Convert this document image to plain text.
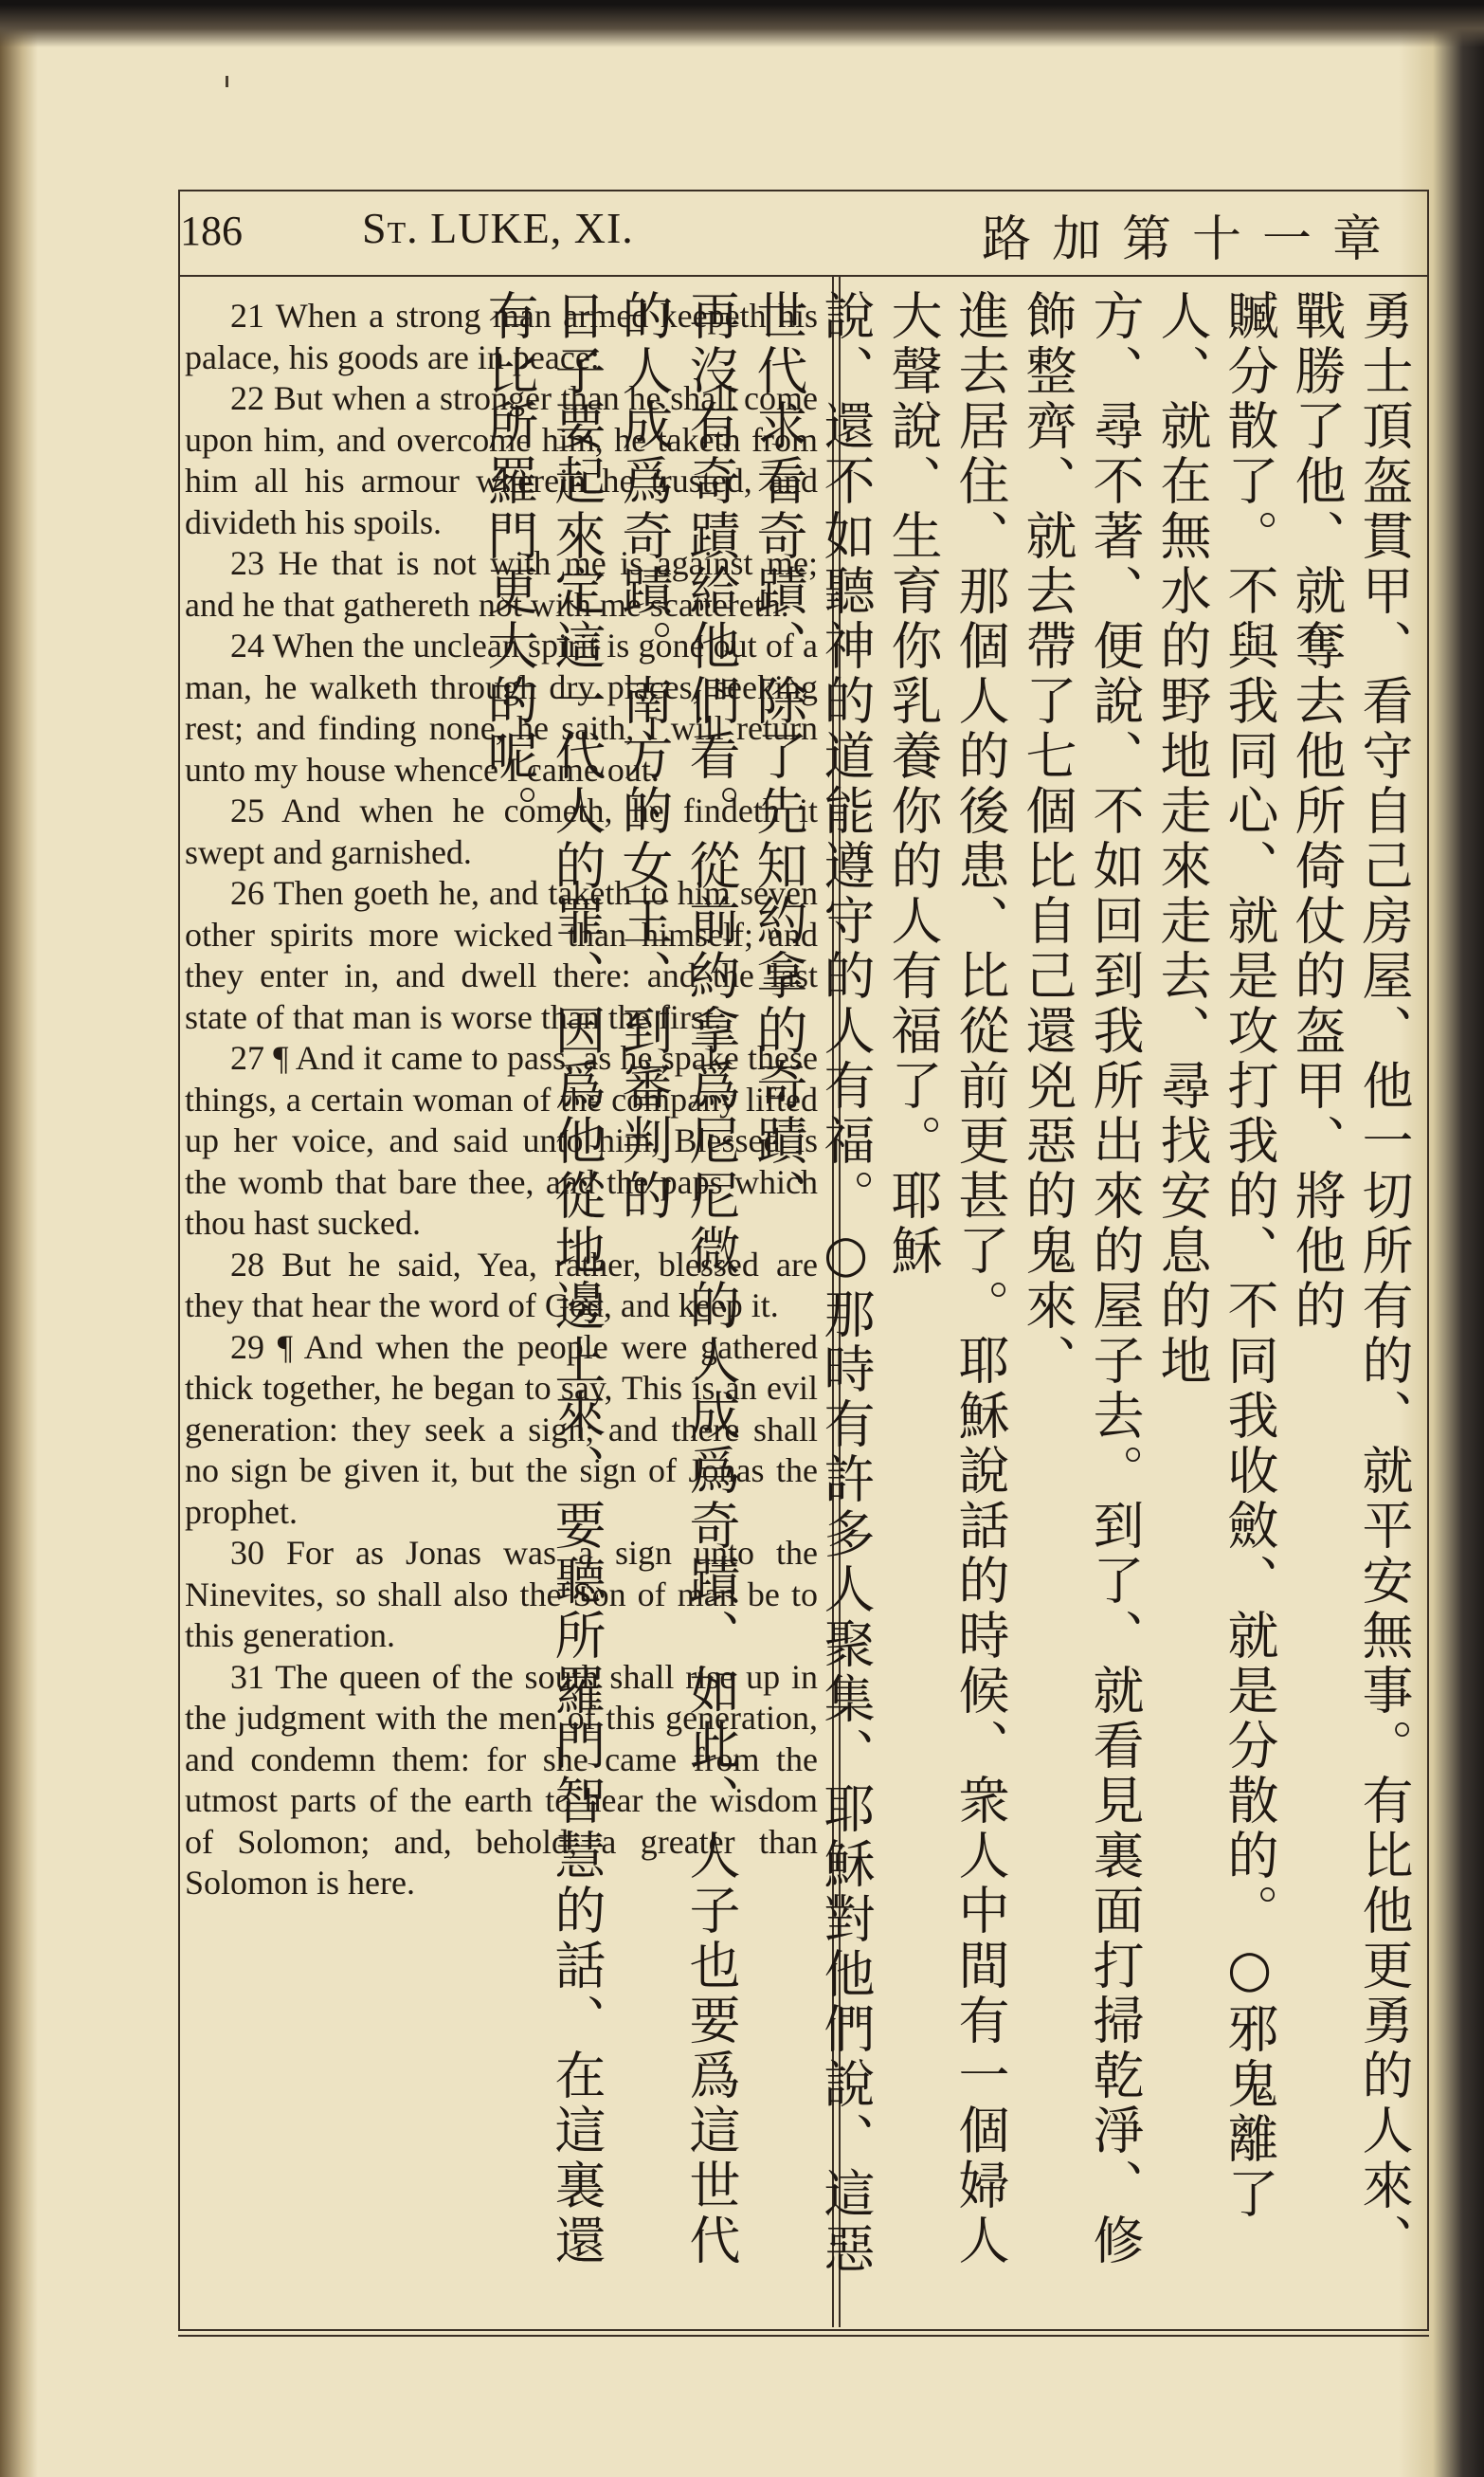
186	St. LUKE, XI.	路加第十一章

21 When a strong man armed keepeth his palace, his goods are in peace:

22 But when a stronger than he shall come upon him, and overcome him, he taketh from him all his armour wherein he trusted, and divideth his spoils.

23 He that is not with me is against me; and he that gathereth not with me scattereth.

24 When the unclean spirit is gone out of a man, he walketh through dry places, seeking rest; and finding none, he saith, I will return unto my house whence I came out.

25 And when he cometh, he findeth it swept and garnished.

26 Then goeth he, and taketh to him seven other spirits more wicked than himself; and they enter in, and dwell there: and the last state of that man is worse than the first.

27 ¶ And it came to pass, as he spake these things, a certain woman of the company lifted up her voice, and said unto him, Blessed is the womb that bare thee, and the paps which thou hast sucked.

28 But he said, Yea, rather, blessed are they that hear the word of God, and keep it.

29 ¶ And when the people were gathered thick together, he began to say, This is an evil generation: they seek a sign; and there shall no sign be given it, but the sign of Jonas the prophet.

30 For as Jonas was a sign unto the Ninevites, so shall also the Son of man be to this generation.

31 The queen of the south shall rise up in the judgment with the men of this generation, and condemn them: for she came from the utmost parts of the earth to hear the wisdom of Solomon; and, behold, a greater than Solomon is here.	勇士頂盔貫甲、看守自己房屋、他一切所有的、就平安無事。有比他更勇的人來、戰勝了他、就奪去他所倚仗的盔甲、將他的

贓分散了。不與我同心、就是攻打我的、不同我收斂、就是分散的。○邪鬼離了人、就在無水的野地走來走去、尋找安息的地

方、尋不著、便說、不如回到我所出來的屋子去。到了、就看見裏面打掃乾淨、修飾整齊、就去帶了七個比自己還兇惡的鬼來、

進去居住、那個人的後患、比從前更甚了。耶穌說話的時候、衆人中間有一個婦人大聲說、生育你乳養你的人有福了。耶穌

說、還不如聽神的道能遵守的人有福。○那時有許多人聚集、耶穌對他們說、這惡世代求看奇蹟、除了先知約拿的奇蹟、

再沒有奇蹟給他們看。從前約拿爲尼尼微的人成爲奇蹟、如此、人子也要爲這世代的人成爲奇蹟。南方的女王、到審判的

日子要起來定這一代人的罪、因爲他從地邊上來、要聽所羅門智慧的話、在這裏還有比所羅門更大的呢。
